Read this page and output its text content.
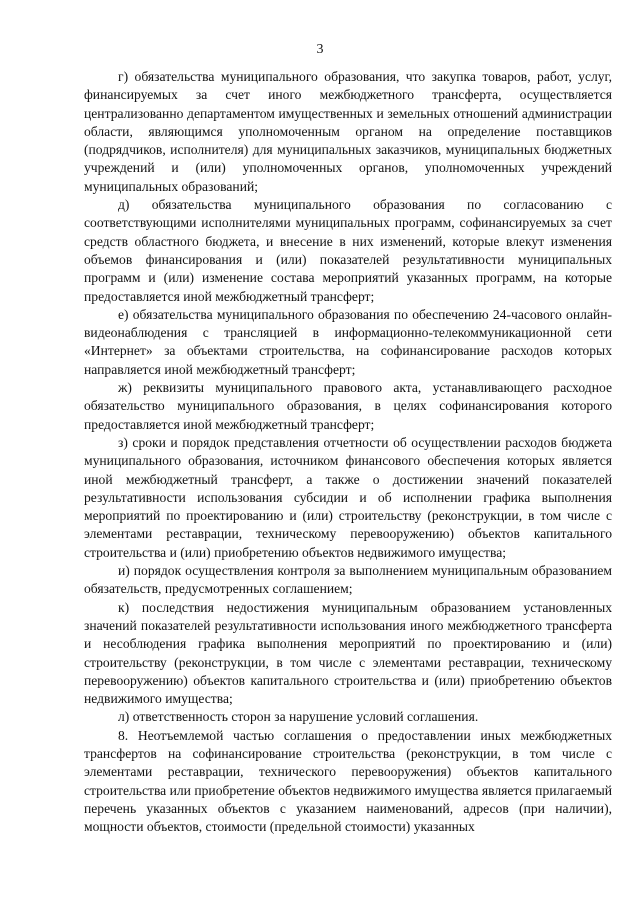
3

г) обязательства муниципального образования, что закупка товаров, работ, услуг, финансируемых за счет иного межбюджетного трансферта, осуществляется централизованно департаментом имущественных и земельных отношений администрации области, являющимся уполномоченным органом на определение поставщиков (подрядчиков, исполнителя) для муниципальных заказчиков, муниципальных бюджетных учреждений и (или) уполномоченных органов, уполномоченных учреждений муниципальных образований;

д) обязательства муниципального образования по согласованию с соответствующими исполнителями муниципальных программ, софинансируемых за счет средств областного бюджета, и внесение в них изменений, которые влекут изменения объемов финансирования и (или) показателей результативности муниципальных программ и (или) изменение состава мероприятий указанных программ, на которые предоставляется иной межбюджетный трансферт;

е) обязательства муниципального образования по обеспечению 24-часового онлайн-видеонаблюдения с трансляцией в информационно-телекоммуникационной сети «Интернет» за объектами строительства, на софинансирование расходов которых направляется иной межбюджетный трансферт;

ж) реквизиты муниципального правового акта, устанавливающего расходное обязательство муниципального образования, в целях софинансирования которого предоставляется иной межбюджетный трансферт;

з) сроки и порядок представления отчетности об осуществлении расходов бюджета муниципального образования, источником финансового обеспечения которых является иной межбюджетный трансферт, а также о достижении значений показателей результативности использования субсидии и об исполнении графика выполнения мероприятий по проектированию и (или) строительству (реконструкции, в том числе с элементами реставрации, техническому перевооружению) объектов капитального строительства и (или) приобретению объектов недвижимого имущества;

и) порядок осуществления контроля за выполнением муниципальным образованием обязательств, предусмотренных соглашением;

к) последствия недостижения муниципальным образованием установленных значений показателей результативности использования иного межбюджетного трансферта и несоблюдения графика выполнения мероприятий по проектированию и (или) строительству (реконструкции, в том числе с элементами реставрации, техническому перевооружению) объектов капитального строительства и (или) приобретению объектов недвижимого имущества;

л) ответственность сторон за нарушение условий соглашения.

8. Неотъемлемой частью соглашения о предоставлении иных межбюджетных трансфертов на софинансирование строительства (реконструкции, в том числе с элементами реставрации, технического перевооружения) объектов капитального строительства или приобретение объектов недвижимого имущества является прилагаемый перечень указанных объектов с указанием наименований, адресов (при наличии), мощности объектов, стоимости (предельной стоимости) указанных
